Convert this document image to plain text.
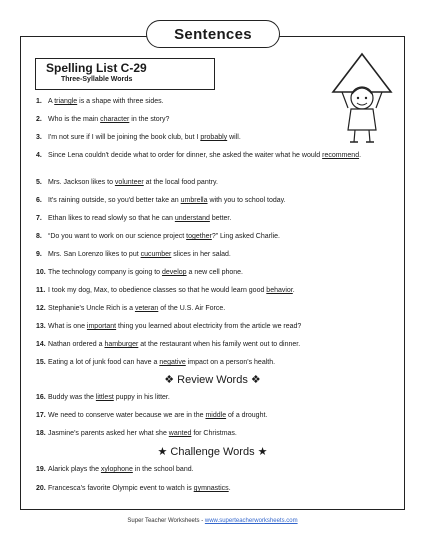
Sentences
Spelling List C-29
Three-Syllable Words
1. A triangle is a shape with three sides.
2. Who is the main character in the story?
3. I'm not sure if I will be joining the book club, but I probably will.
4. Since Lena couldn't decide what to order for dinner, she asked the waiter what he would recommend.
5. Mrs. Jackson likes to volunteer at the local food pantry.
6. It's raining outside, so you'd better take an umbrella with you to school today.
7. Ethan likes to read slowly so that he can understand better.
8. “Do you want to work on our science project together?” Ling asked Charlie.
9. Mrs. San Lorenzo likes to put cucumber slices in her salad.
10. The technology company is going to develop a new cell phone.
11. I took my dog, Max, to obedience classes so that he would learn good behavior.
12. Stephanie's Uncle Rich is a veteran of the U.S. Air Force.
13. What is one important thing you learned about electricity from the article we read?
14. Nathan ordered a hamburger at the restaurant when his family went out to dinner.
15. Eating a lot of junk food can have a negative impact on a person's health.
❖ Review Words ❖
16. Buddy was the littlest puppy in his litter.
17. We need to conserve water because we are in the middle of a drought.
18. Jasmine's parents asked her what she wanted for Christmas.
★ Challenge Words ★
19. Alarick plays the xylophone in the school band.
20. Francesca's favorite Olympic event to watch is gymnastics.
Super Teacher Worksheets - www.superteacherworksheets.com
